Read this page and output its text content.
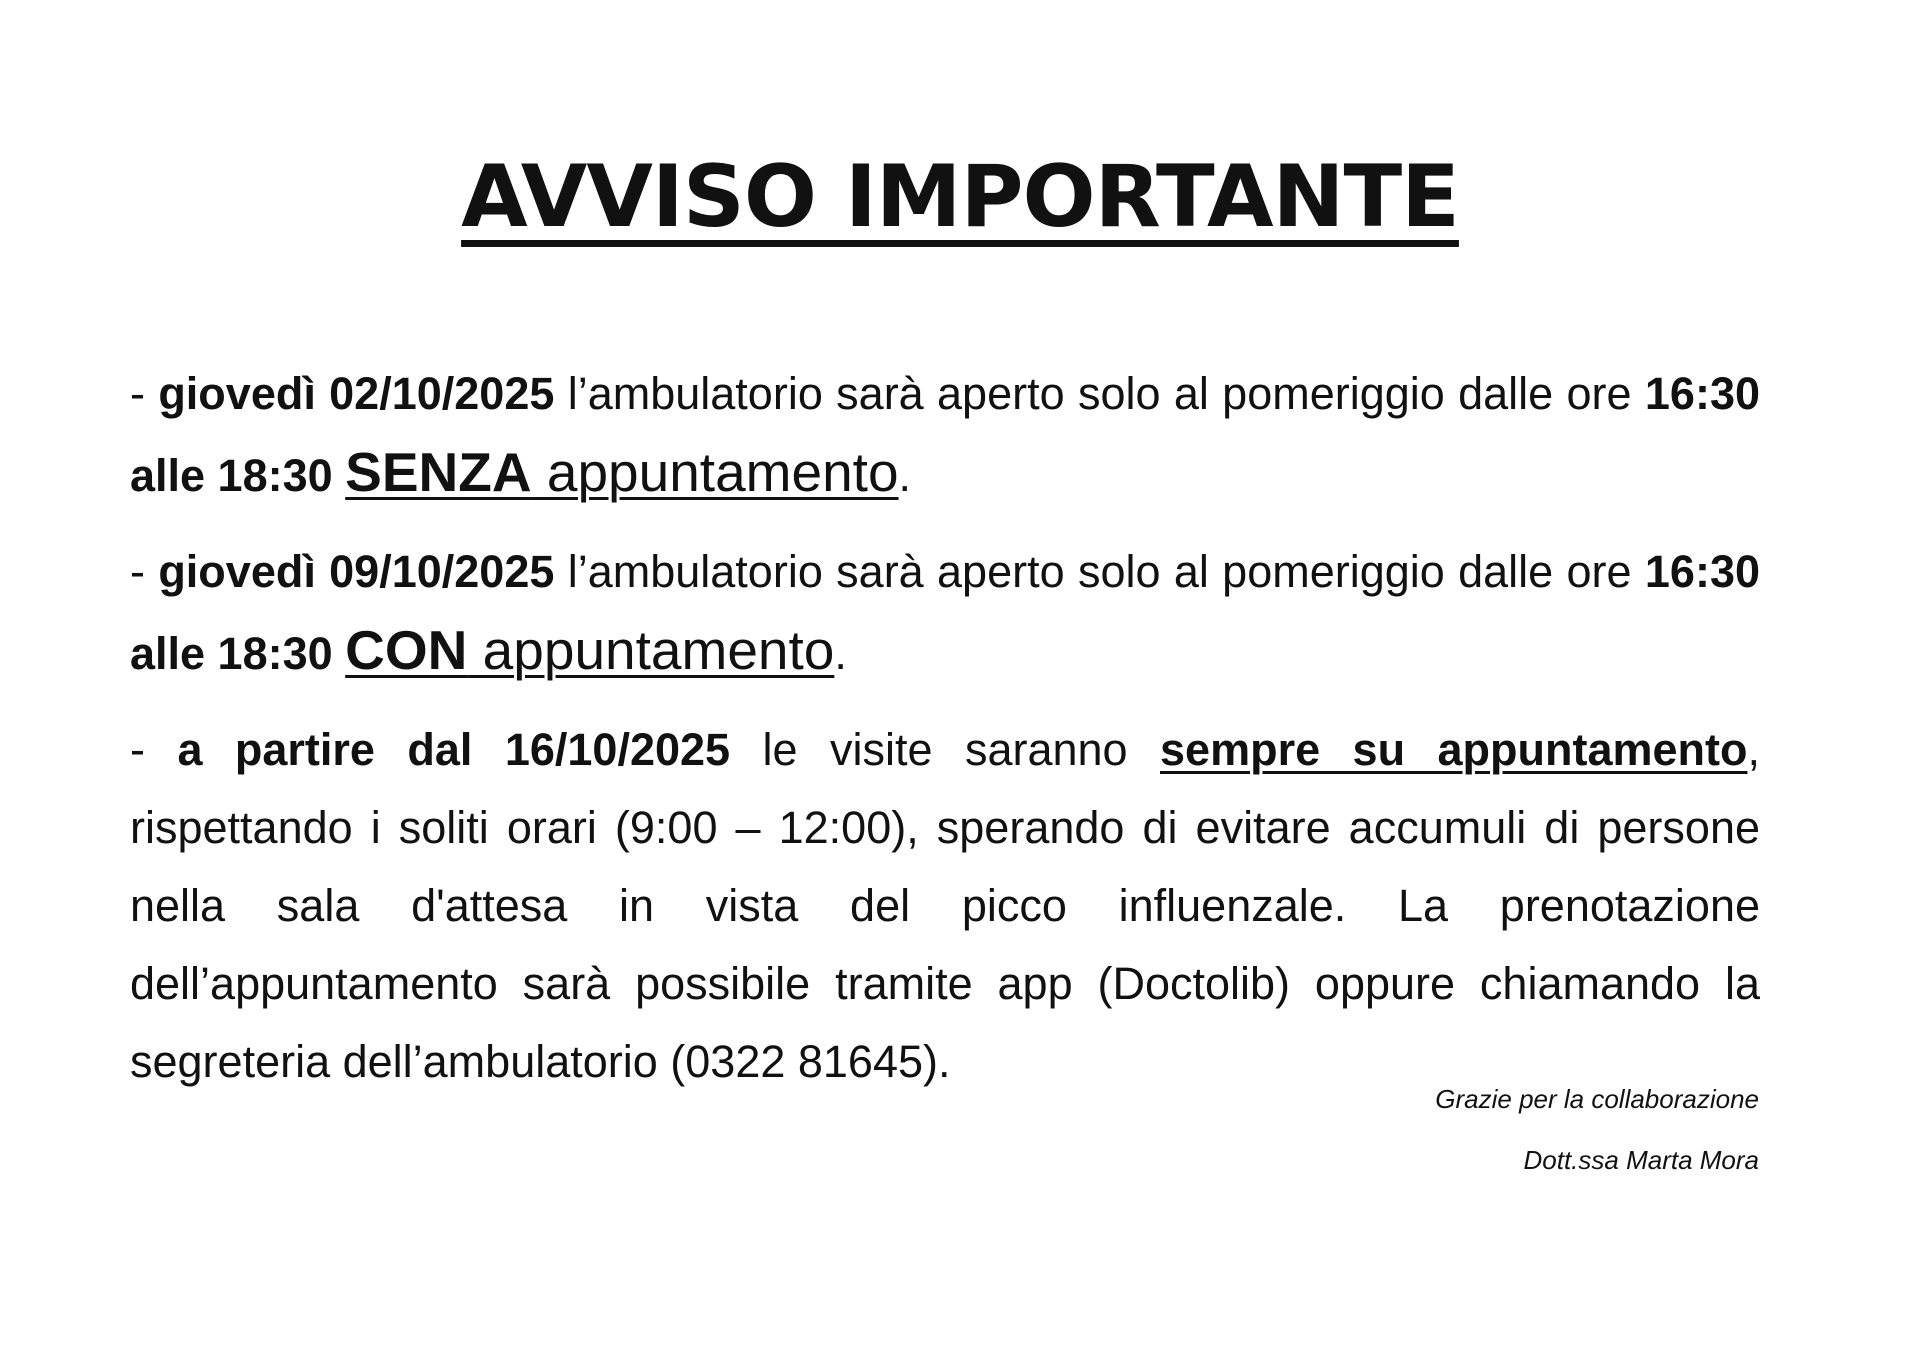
AVVISO IMPORTANTE

- giovedì 02/10/2025 l’ambulatorio sarà aperto solo al pomeriggio dalle ore 16:30 alle 18:30 SENZA appuntamento.

- giovedì 09/10/2025 l’ambulatorio sarà aperto solo al pomeriggio dalle ore 16:30 alle 18:30 CON appuntamento.

- a partire dal 16/10/2025 le visite saranno sempre su appuntamento, rispettando i soliti orari (9:00 – 12:00), sperando di evitare accumuli di persone nella sala d'attesa in vista del picco influenzale. La prenotazione dell’appuntamento sarà possibile tramite app (Doctolib) oppure chiamando la segreteria dell’ambulatorio (0322 81645).

Grazie per la collaborazione
Dott.ssa Marta Mora
